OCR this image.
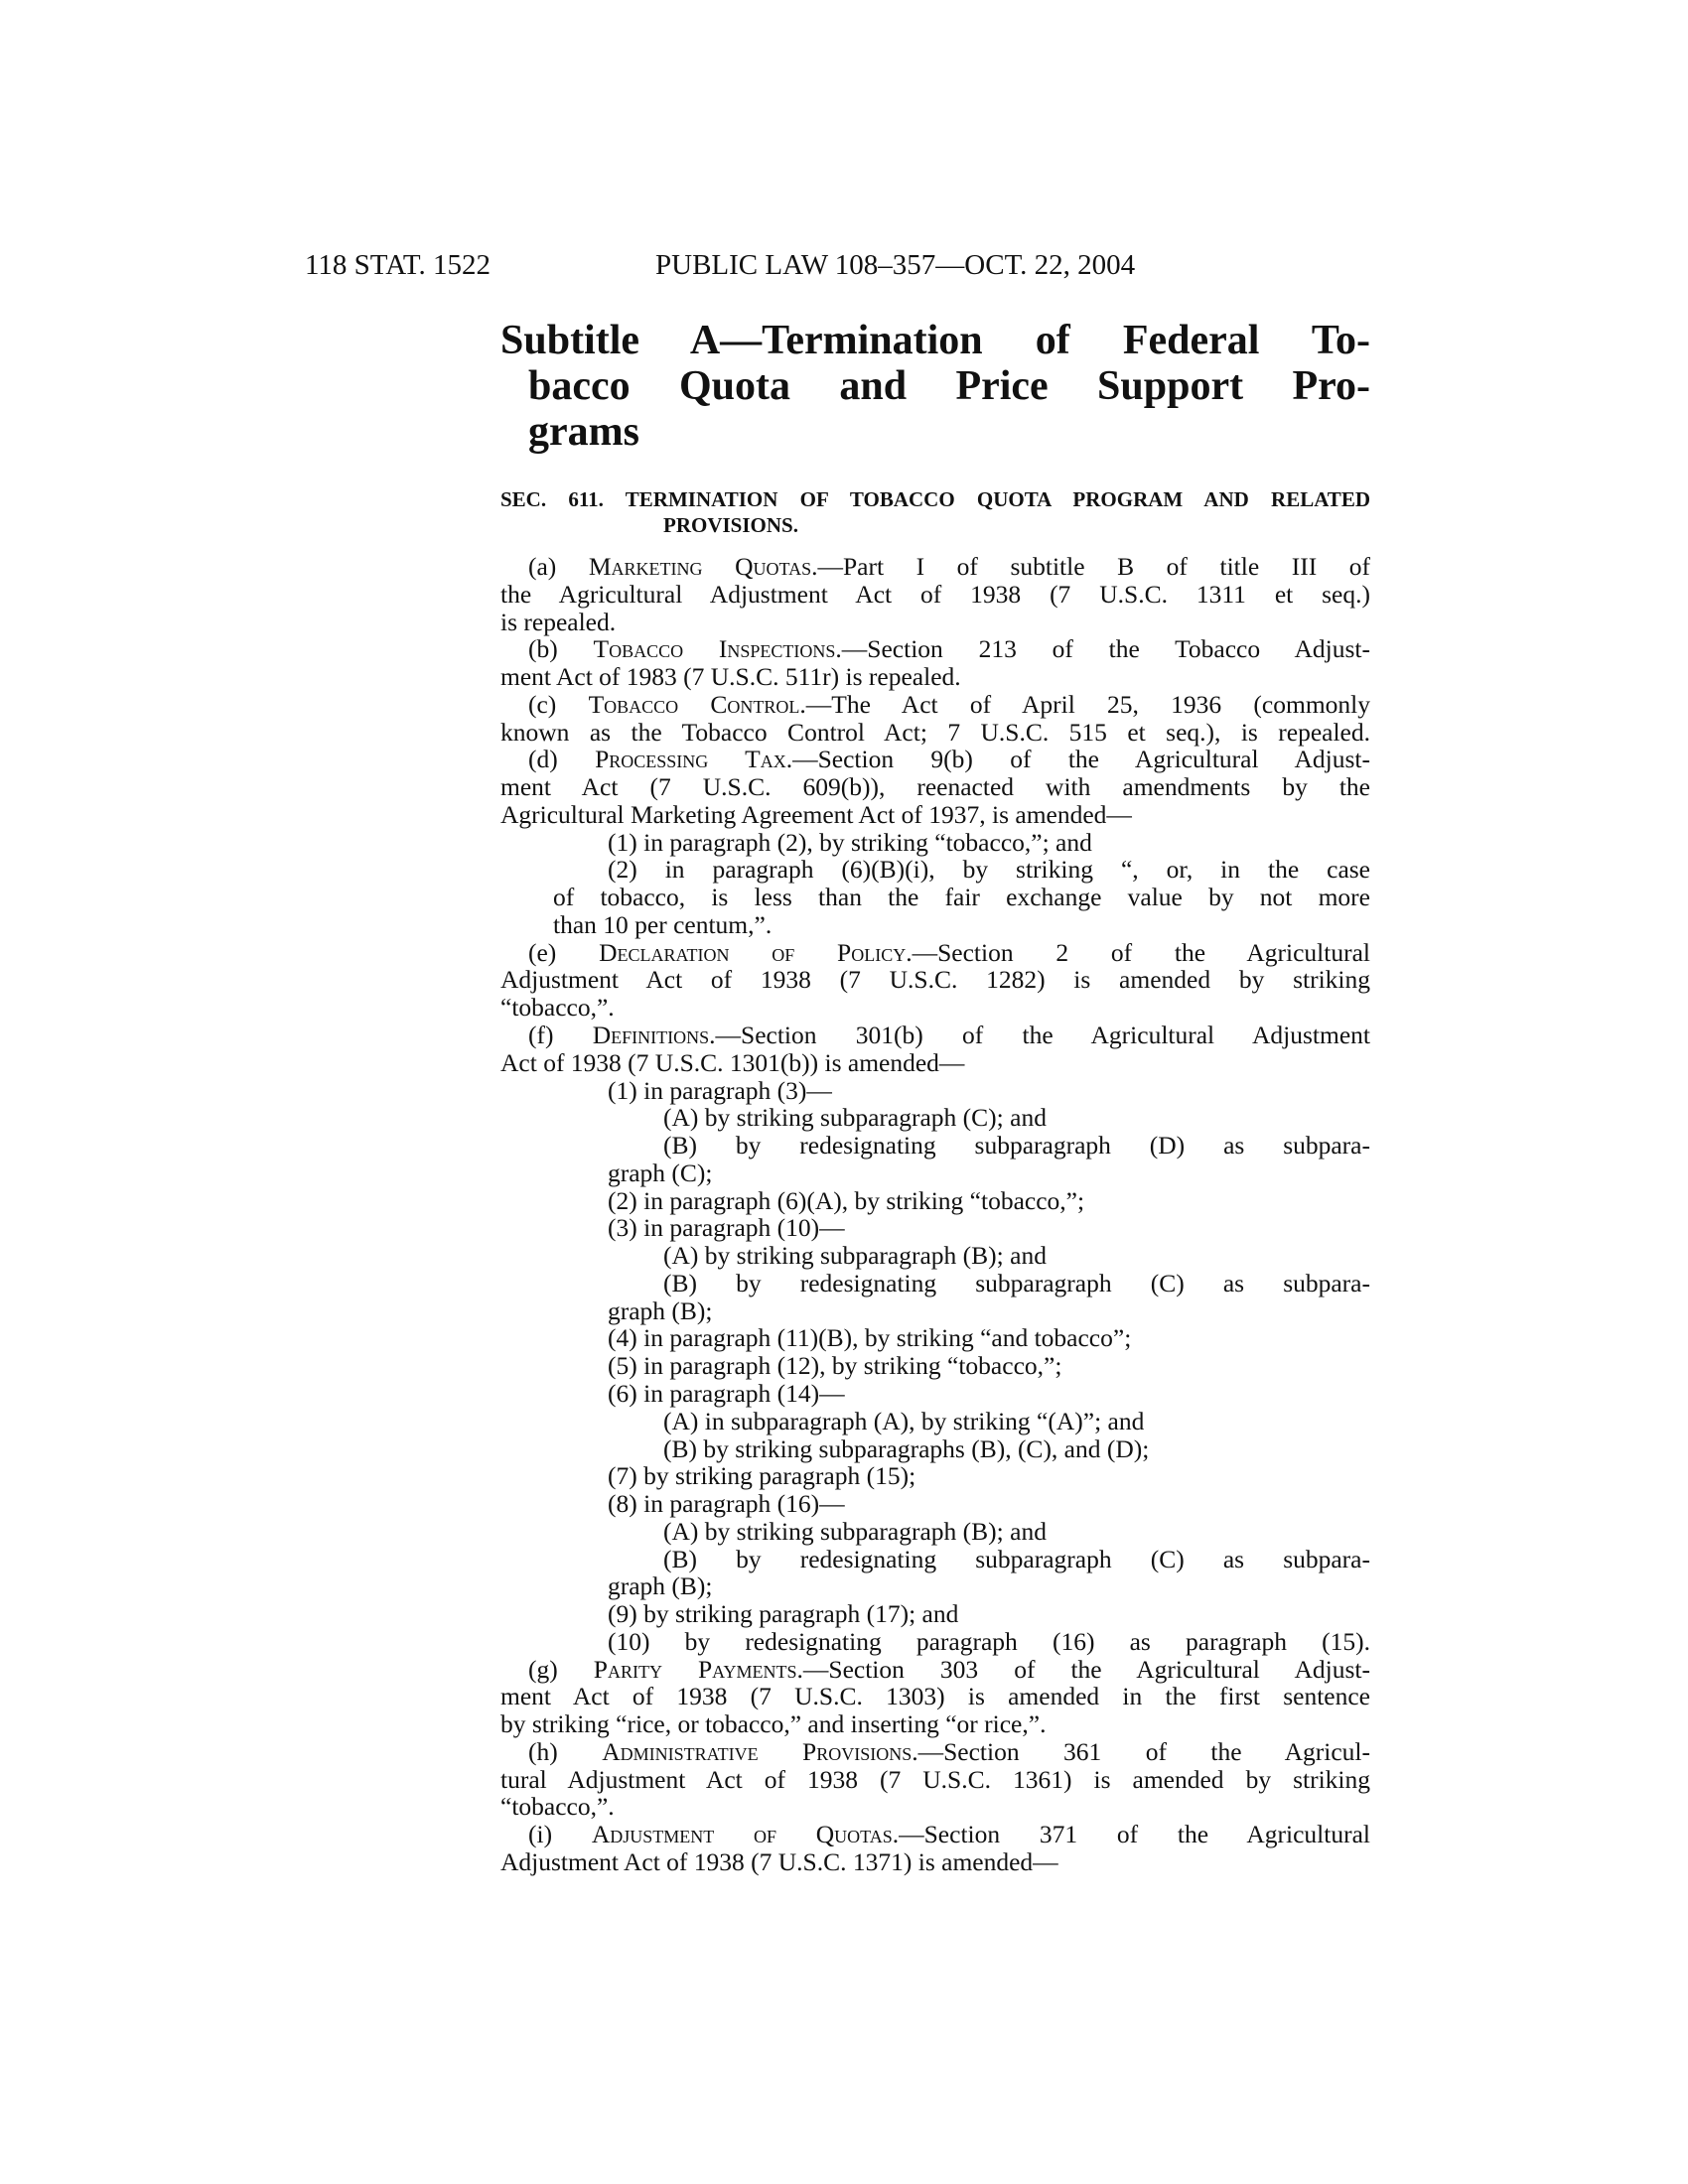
118 STAT. 1522	PUBLIC LAW 108–357—OCT. 22, 2004
Subtitle A—Termination of Federal To-
bacco Quota and Price Support Pro-
grams
SEC. 611. TERMINATION OF TOBACCO QUOTA PROGRAM AND RELATED
PROVISIONS.
(a) Marketing Quotas.—Part I of subtitle B of title III of
the Agricultural Adjustment Act of 1938 (7 U.S.C. 1311 et seq.)
is repealed.
(b) Tobacco Inspections.—Section 213 of the Tobacco Adjust-
ment Act of 1983 (7 U.S.C. 511r) is repealed.
(c) Tobacco Control.—The Act of April 25, 1936 (commonly
known as the Tobacco Control Act; 7 U.S.C. 515 et seq.), is repealed.
(d) Processing Tax.—Section 9(b) of the Agricultural Adjust-
ment Act (7 U.S.C. 609(b)), reenacted with amendments by the
Agricultural Marketing Agreement Act of 1937, is amended—
(1) in paragraph (2), by striking “tobacco,”; and
(2) in paragraph (6)(B)(i), by striking “, or, in the case
of tobacco, is less than the fair exchange value by not more
than 10 per centum,”.
(e) Declaration of Policy.—Section 2 of the Agricultural
Adjustment Act of 1938 (7 U.S.C. 1282) is amended by striking
“tobacco,”.
(f) Definitions.—Section 301(b) of the Agricultural Adjustment
Act of 1938 (7 U.S.C. 1301(b)) is amended—
(1) in paragraph (3)—
(A) by striking subparagraph (C); and
(B) by redesignating subparagraph (D) as subpara-
graph (C);
(2) in paragraph (6)(A), by striking “tobacco,”;
(3) in paragraph (10)—
(A) by striking subparagraph (B); and
(B) by redesignating subparagraph (C) as subpara-
graph (B);
(4) in paragraph (11)(B), by striking “and tobacco”;
(5) in paragraph (12), by striking “tobacco,”;
(6) in paragraph (14)—
(A) in subparagraph (A), by striking “(A)”; and
(B) by striking subparagraphs (B), (C), and (D);
(7) by striking paragraph (15);
(8) in paragraph (16)—
(A) by striking subparagraph (B); and
(B) by redesignating subparagraph (C) as subpara-
graph (B);
(9) by striking paragraph (17); and
(10) by redesignating paragraph (16) as paragraph (15).
(g) Parity Payments.—Section 303 of the Agricultural Adjust-
ment Act of 1938 (7 U.S.C. 1303) is amended in the first sentence
by striking “rice, or tobacco,” and inserting “or rice,”.
(h) Administrative Provisions.—Section 361 of the Agricul-
tural Adjustment Act of 1938 (7 U.S.C. 1361) is amended by striking
“tobacco,”.
(i) Adjustment of Quotas.—Section 371 of the Agricultural
Adjustment Act of 1938 (7 U.S.C. 1371) is amended—
